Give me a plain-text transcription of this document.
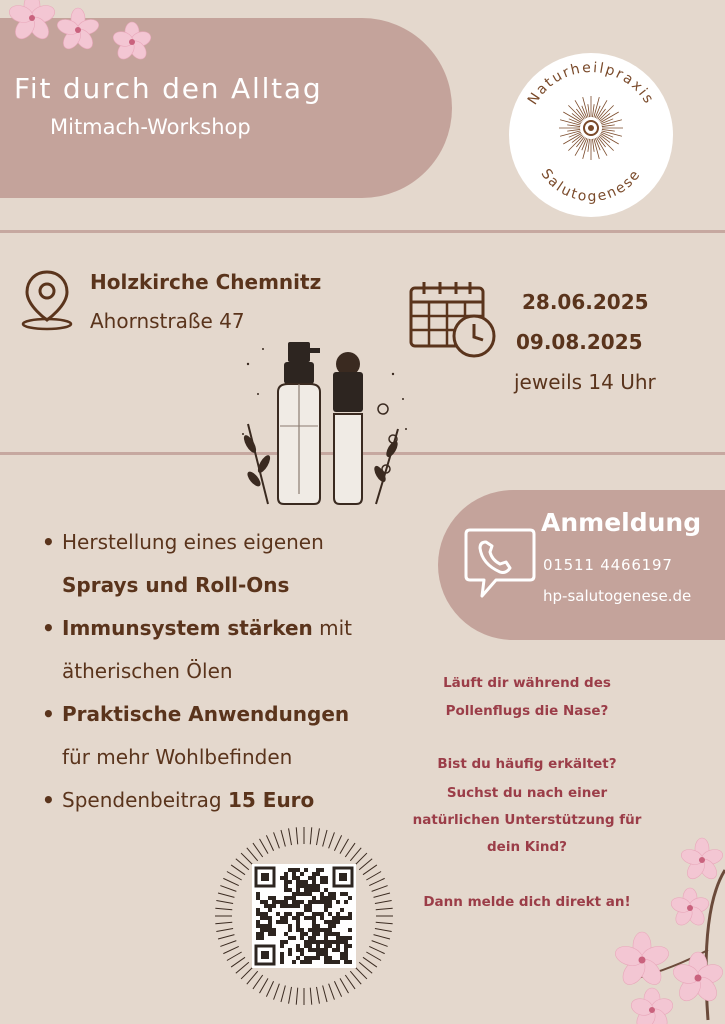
Fit durch den Alltag
Mitmach-Workshop
Naturheilpraxis
Salutogenese
Holzkirche Chemnitz
Ahornstraße 47
28.06.2025
09.08.2025
jeweils 14 Uhr
Anmeldung
01511 4466197
hp-salutogenese.de
• Herstellung eines eigenen
Sprays und Roll-Ons
• Immunsystem stärken mit
ätherischen Ölen
• Praktische Anwendungen
für mehr Wohlbefinden
• Spendenbeitrag 15 Euro
Läuft dir während des
Pollenflugs die Nase?
Bist du häufig erkältet?
Suchst du nach einer
natürlichen Unterstützung für
dein Kind?
Dann melde dich direkt an!
